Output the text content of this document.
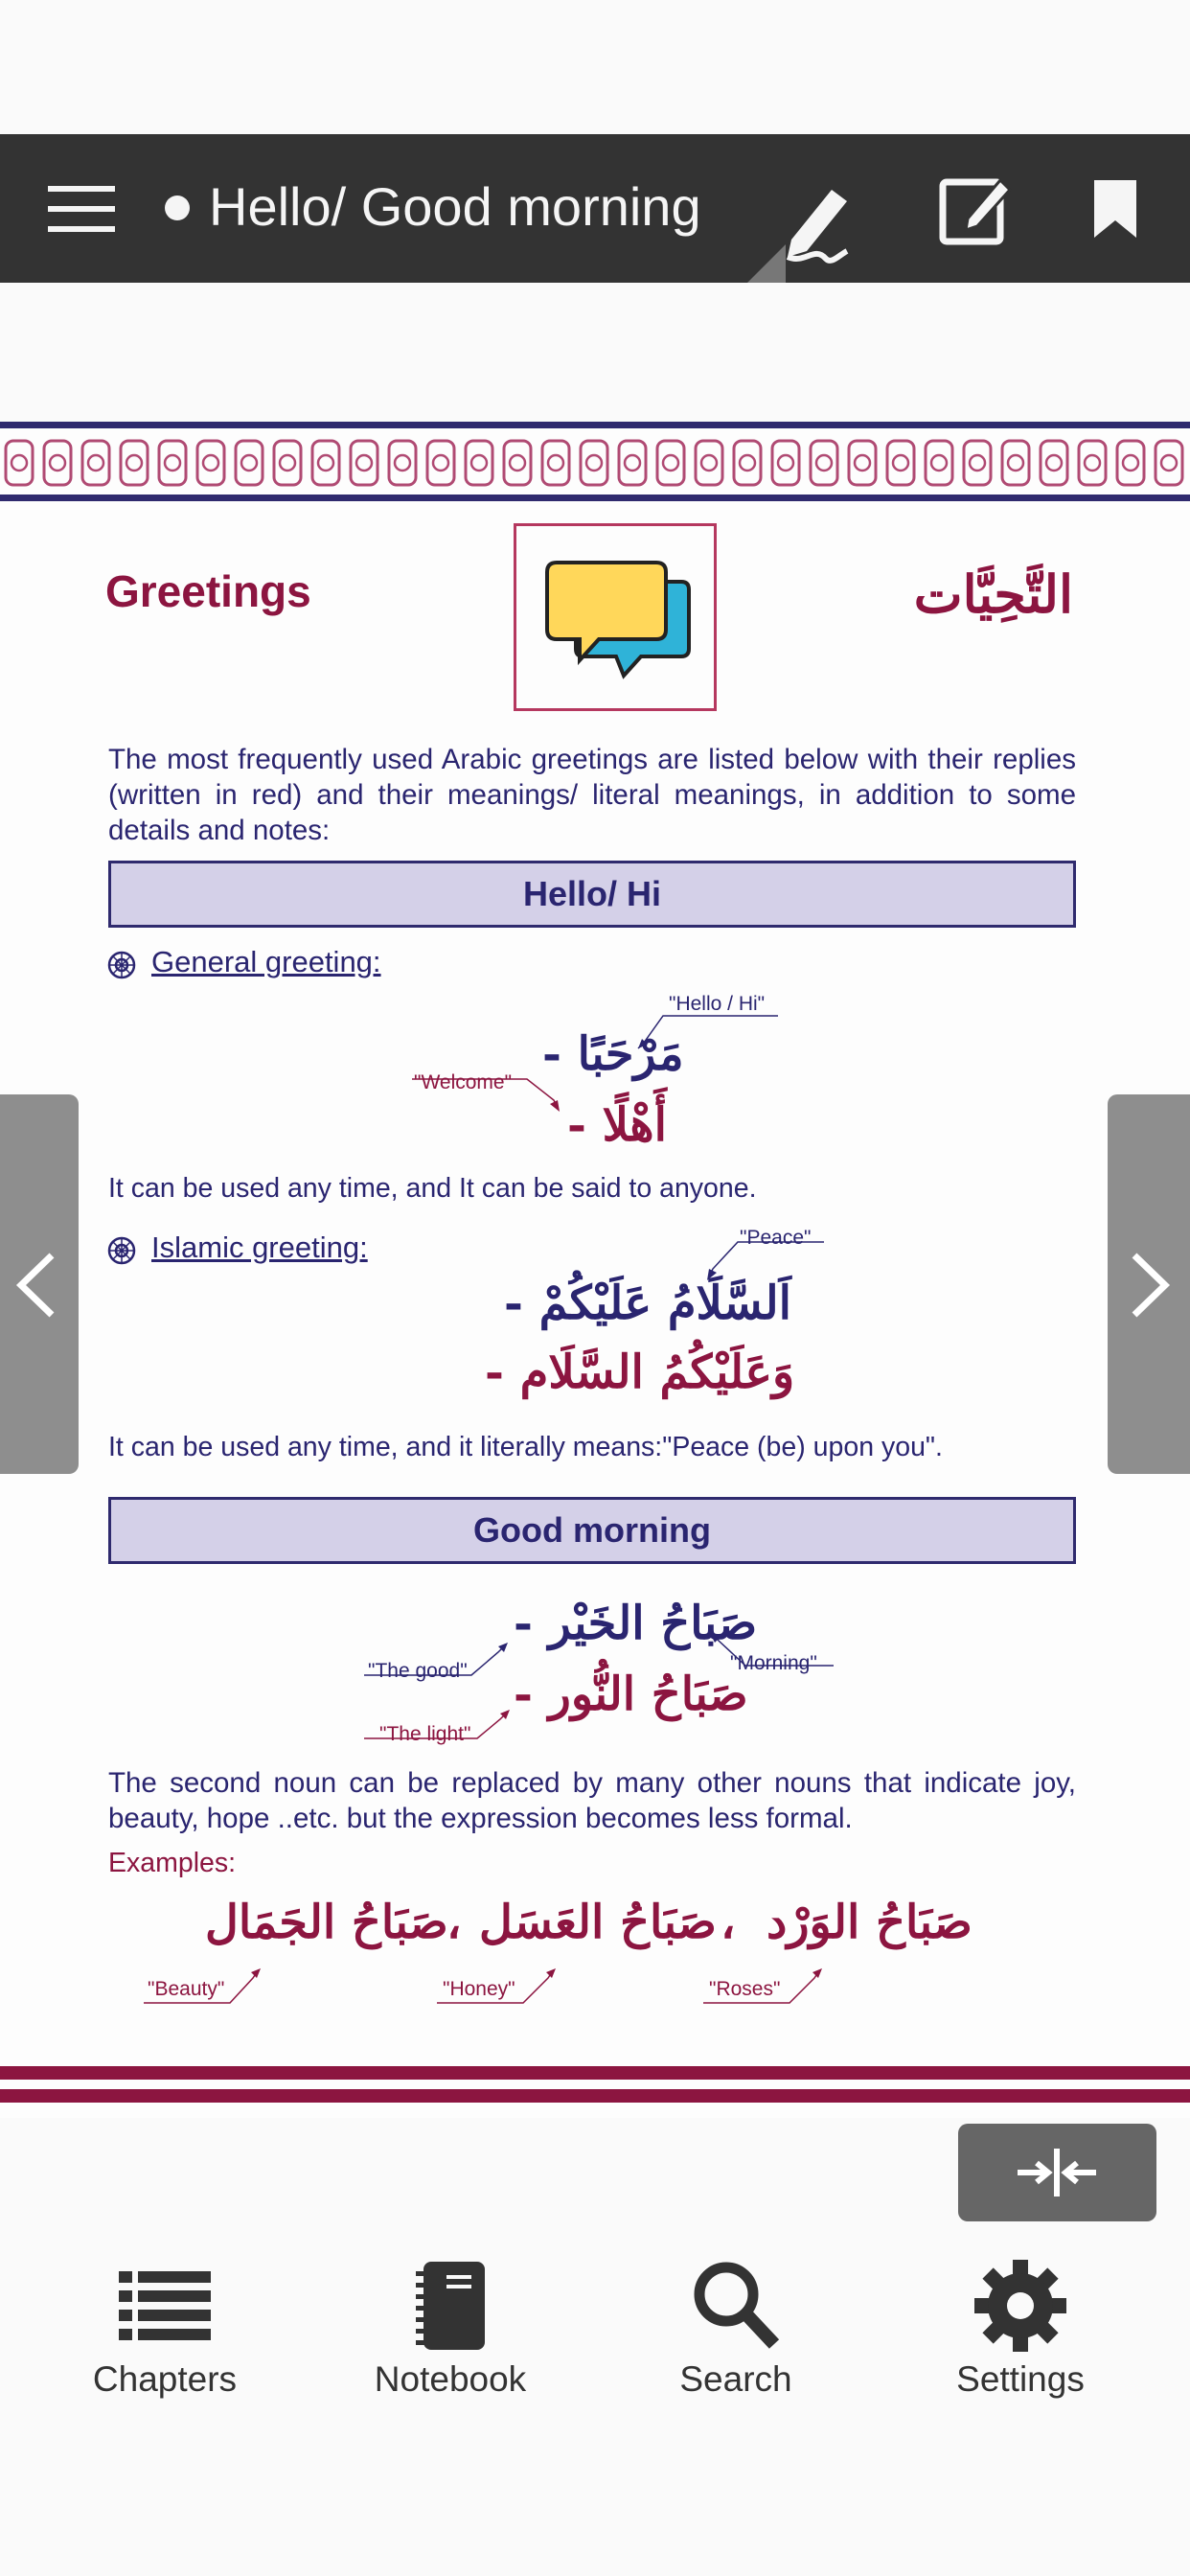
Hello/ Good morning
Greetings	التَّحِيَّات
The most frequently used Arabic greetings are listed below with their replies (written in red) and their meanings/ literal meanings, in addition to some details and notes:
Hello/ Hi
General greeting:
"Hello / Hi"
مَرْحَبًا -
"Welcome"
أَهْلًا -
It can be used any time, and It can be said to anyone.
Islamic greeting:	"Peace"
اَلسَّلَامُ عَلَيْكُمْ -
وَعَلَيْكُمُ السَّلَام -
It can be used any time, and it literally means:"Peace (be) upon you".
Good morning
صَبَاحُ الخَيْر -
"Morning"
"The good" صَبَاحُ النُّور -
"The light"
The second noun can be replaced by many other nouns that indicate joy, beauty, hope ..etc. but the expression becomes less formal.
Examples:
صَبَاحُ الوَرْد
،
صَبَاحُ العَسَل
،
صَبَاحُ الجَمَال
"Roses"
"Honey"
"Beauty"
Chapters	Notebook	Search	Settings
